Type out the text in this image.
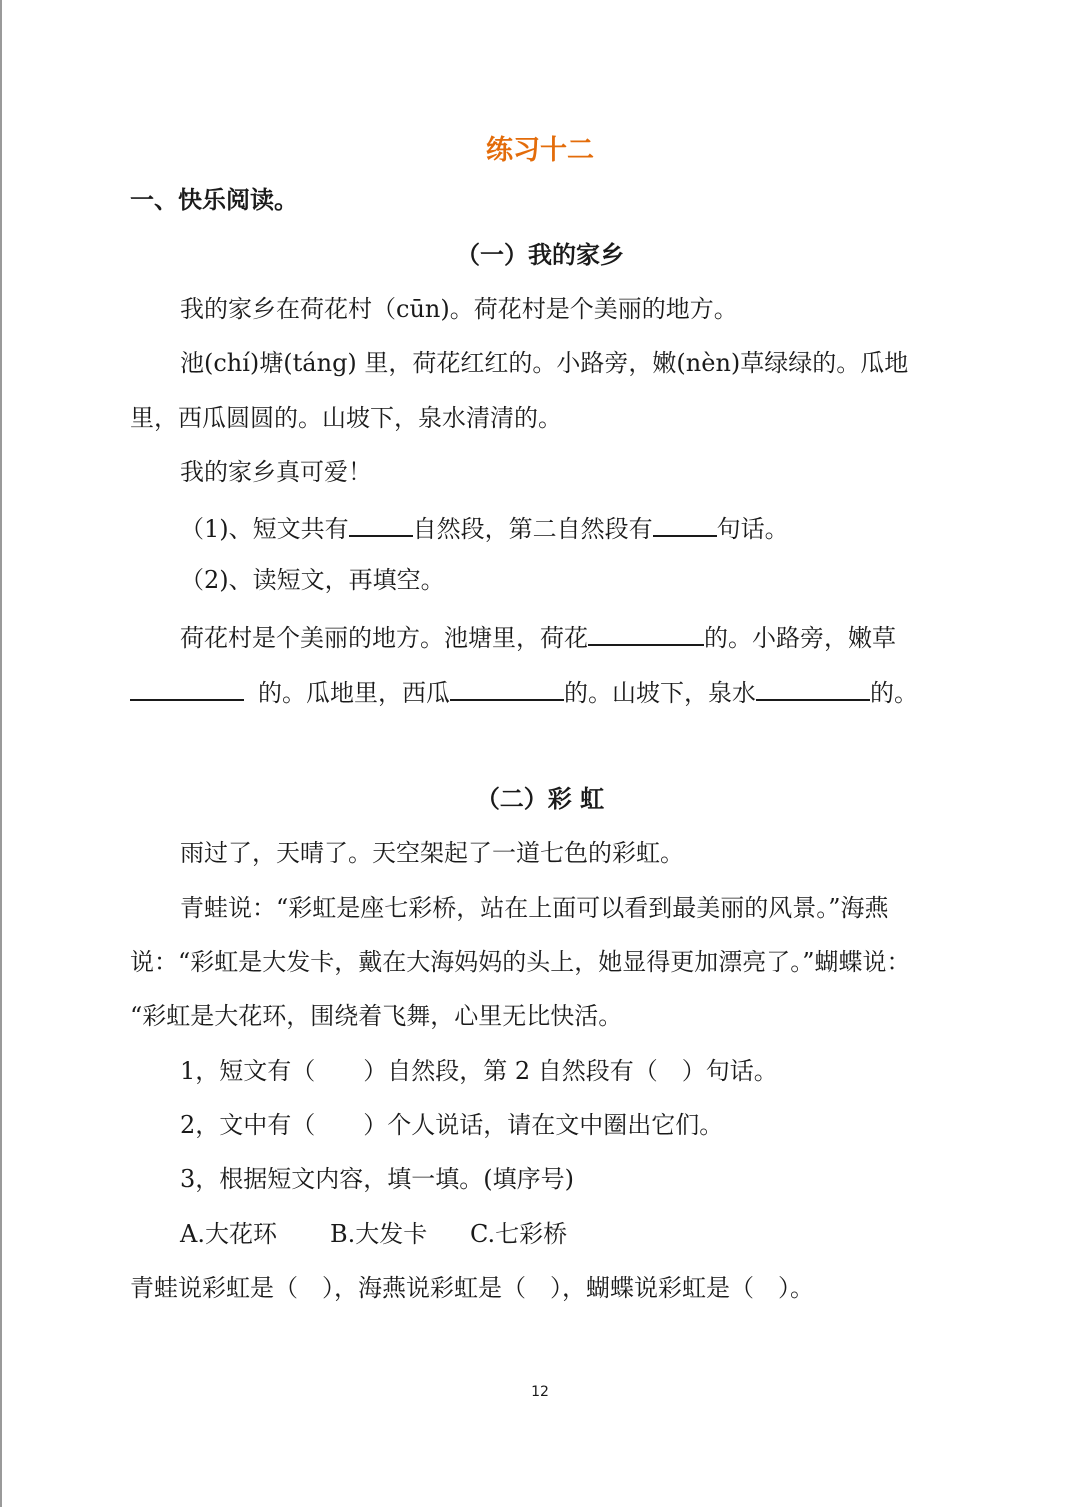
练习十二
一、快乐阅读。
（一）我的家乡
我的家乡在荷花村（cūn)。荷花村是个美丽的地方。
池(chí)塘(táng) 里，荷花红红的。小路旁，嫩(nèn)草绿绿的。瓜地
里，西瓜圆圆的。山坡下，泉水清清的。
我的家乡真可爱！
（1)、短文共有	自然段，第二自然段有	句话。
（2)、读短文，再填空。
荷花村是个美丽的地方。池塘里，荷花	的。小路旁，嫩草
的。瓜地里，西瓜	的。山坡下，泉水	的。
（二）彩 虹
雨过了，天晴了。天空架起了一道七色的彩虹。
青蛙说：“彩虹是座七彩桥，站在上面可以看到最美丽的风景。”海燕
说：“彩虹是大发卡，戴在大海妈妈的头上，她显得更加漂亮了。”蝴蝶说：
“彩虹是大花环，围绕着飞舞，心里无比快活。
1，短文有（　　）自然段，第 2 自然段有（　）句话。
2，文中有（　　）个人说话，请在文中圈出它们。
3，根据短文内容，填一填。(填序号)
A.大花环 B.大发卡 C.七彩桥
青蛙说彩虹是（　），海燕说彩虹是（　），蝴蝶说彩虹是（　）。
12
